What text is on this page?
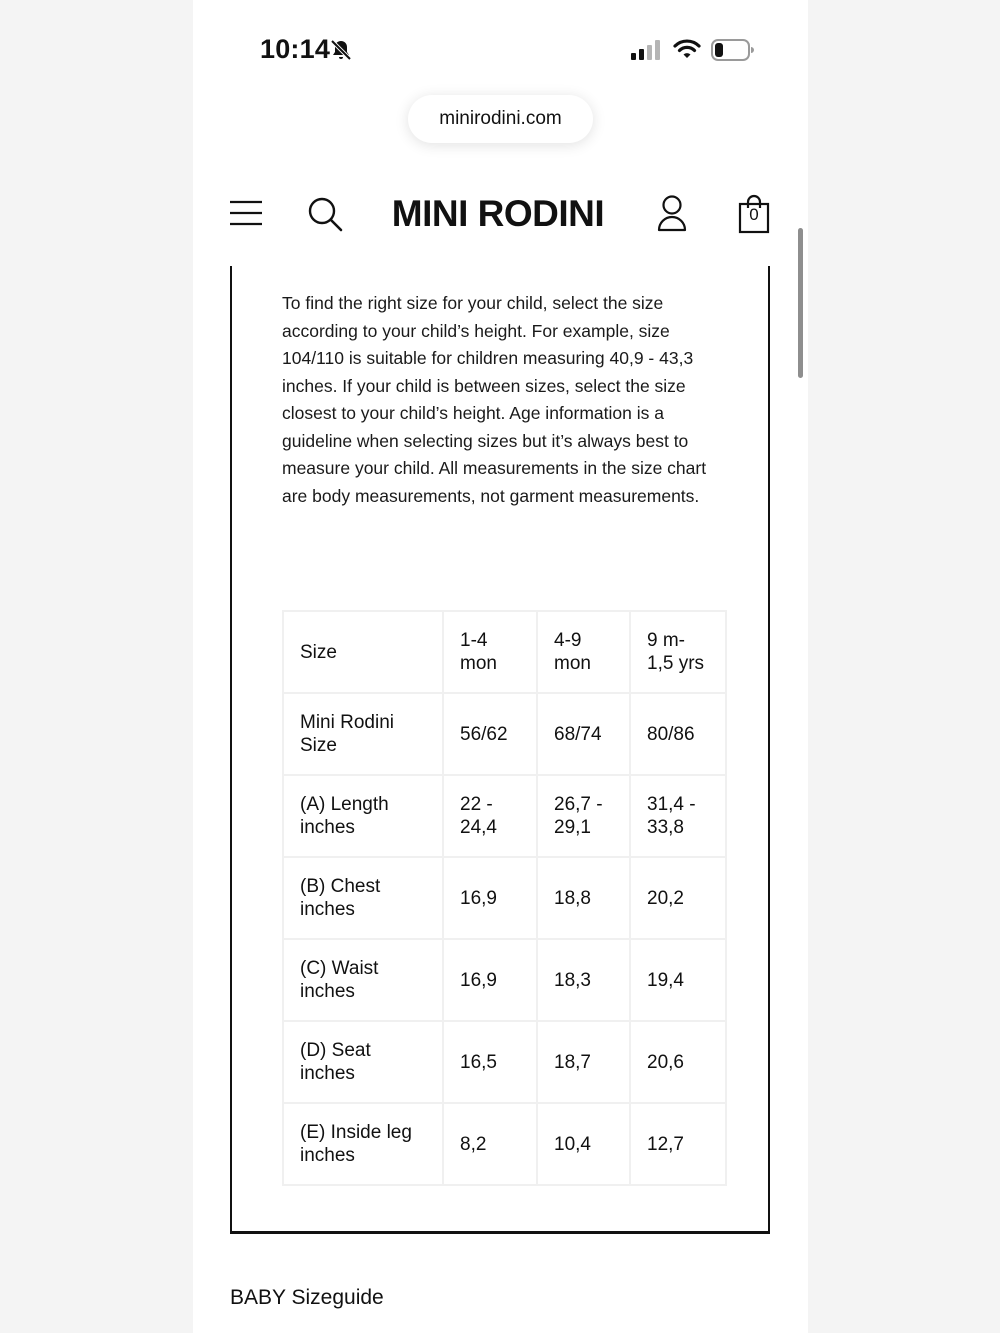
10:14
minirodini.com
MINI RODINI	0

To find the right size for your child, select the size according to your child’s height. For example, size 104/110 is suitable for children measuring 40,9 - 43,3 inches. If your child is between sizes, select the size closest to your child’s height. Age information is a guideline when selecting sizes but it’s always best to measure your child. All measurements in the size chart are body measurements, not garment measurements.

Size	1-4 mon	4-9 mon	9 m- 1,5 yrs
Mini Rodini Size	56/62	68/74	80/86
(A) Length inches	22 - 24,4	26,7 - 29,1	31,4 - 33,8
(B) Chest inches	16,9	18,8	20,2
(C) Waist inches	16,9	18,3	19,4
(D) Seat inches	16,5	18,7	20,6
(E) Inside leg inches	8,2	10,4	12,7
BABY Sizeguide
